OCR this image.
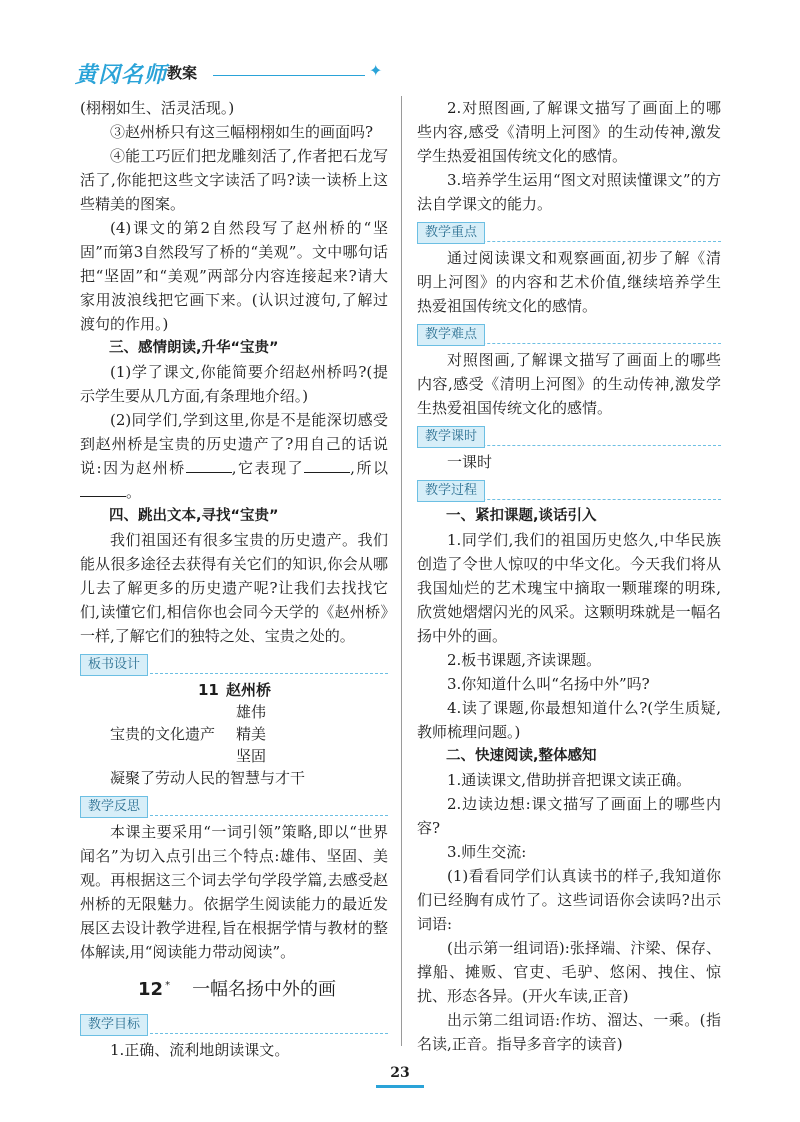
黄冈名师 教案	✦

(栩栩如生、活灵活现。)

③赵州桥只有这三幅栩栩如生的画面吗?

④能工巧匠们把龙雕刻活了,作者把石龙写活了,你能把这些文字读活了吗?读一读桥上这些精美的图案。

(4)课文的第2自然段写了赵州桥的“坚固”而第3自然段写了桥的“美观”。文中哪句话把“坚固”和“美观”两部分内容连接起来?请大家用波浪线把它画下来。(认识过渡句,了解过渡句的作用。)

三、感情朗读,升华“宝贵”

(1)学了课文,你能简要介绍赵州桥吗?(提示学生要从几方面,有条理地介绍。)

(2)同学们,学到这里,你是不是能深切感受到赵州桥是宝贵的历史遗产了?用自己的话说说:因为赵州桥	,它表现了	,所以。

四、跳出文本,寻找“宝贵”

我们祖国还有很多宝贵的历史遗产。我们能从很多途径去获得有关它们的知识,你会从哪儿去了解更多的历史遗产呢?让我们去找找它们,读懂它们,相信你也会同今天学的《赵州桥》一样,了解它们的独特之处、宝贵之处的。

板书设计
11 赵州桥
雄伟
宝贵的文化遗产 精美
坚固
凝聚了劳动人民的智慧与才干
教学反思

本课主要采用“一词引领”策略,即以“世界闻名”为切入点引出三个特点:雄伟、坚固、美观。再根据这三个词去学句学段学篇,去感受赵州桥的无限魅力。依据学生阅读能力的最近发展区去设计教学进程,旨在根据学情与教材的整体解读,用“阅读能力带动阅读”。

12 * 一幅名扬中外的画
教学目标

1.正确、流利地朗读课文。

2.对照图画,了解课文描写了画面上的哪些内容,感受《清明上河图》的生动传神,激发学生热爱祖国传统文化的感情。

3.培养学生运用“图文对照读懂课文”的方法自学课文的能力。

教学重点

通过阅读课文和观察画面,初步了解《清明上河图》的内容和艺术价值,继续培养学生热爱祖国传统文化的感情。

教学难点

对照图画,了解课文描写了画面上的哪些内容,感受《清明上河图》的生动传神,激发学生热爱祖国传统文化的感情。

教学课时

一课时

教学过程

一、紧扣课题,谈话引入

1.同学们,我们的祖国历史悠久,中华民族创造了令世人惊叹的中华文化。今天我们将从我国灿烂的艺术瑰宝中摘取一颗璀璨的明珠,欣赏她熠熠闪光的风采。这颗明珠就是一幅名扬中外的画。

2.板书课题,齐读课题。

3.你知道什么叫“名扬中外”吗?

4.读了课题,你最想知道什么?(学生质疑,教师梳理问题。)

二、快速阅读,整体感知

1.通读课文,借助拼音把课文读正确。

2.边读边想:课文描写了画面上的哪些内容?

3.师生交流:

(1)看看同学们认真读书的样子,我知道你们已经胸有成竹了。这些词语你会读吗?出示词语:

(出示第一组词语):张择端、汴梁、保存、撑船、摊贩、官吏、毛驴、悠闲、拽住、惊扰、形态各异。(开火车读,正音)

出示第二组词语:作坊、溜达、一乘。(指名读,正音。指导多音字的读音)

23
